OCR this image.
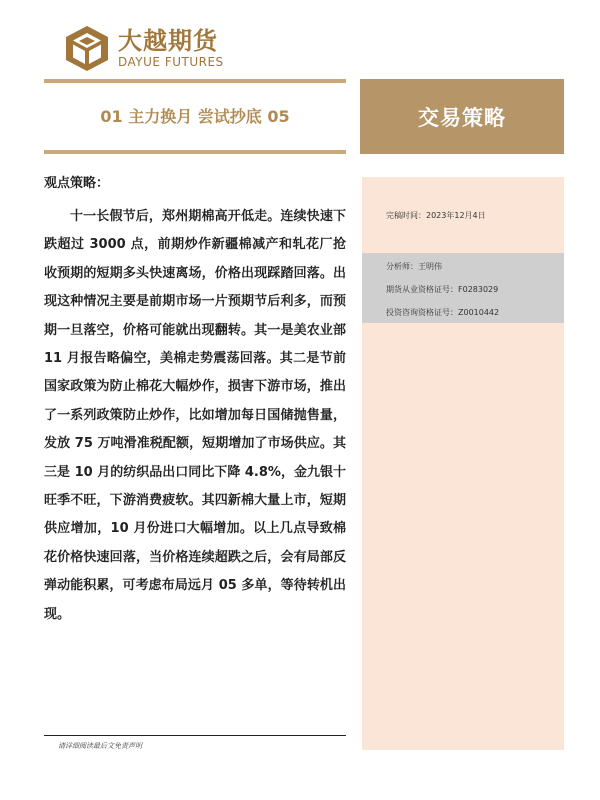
大越期货
DAYUE FUTURES
01 主力换月 尝试抄底 05	交易策略
观点策略：
十一长假节后，郑州期棉高开低走。连续快速下跌超过 3000 点，前期炒作新疆棉减产和轧花厂抢收预期的短期多头快速离场，价格出现踩踏回落。出现这种情况主要是前期市场一片预期节后利多，而预期一旦落空，价格可能就出现翻转。其一是美农业部 11 月报告略偏空，美棉走势震荡回落。其二是节前国家政策为防止棉花大幅炒作，损害下游市场，推出了一系列政策防止炒作，比如增加每日国储抛售量，发放 75 万吨滑准税配额，短期增加了市场供应。其三是 10 月的纺织品出口同比下降 4.8%，金九银十旺季不旺，下游消费疲软。其四新棉大量上市，短期供应增加，10 月份进口大幅增加。以上几点导致棉花价格快速回落，当价格连续超跌之后，会有局部反弹动能积累，可考虑布局远月 05 多单，等待转机出现。
完稿时间：2023年12月4日
分析师：王明伟
期货从业资格证号：F0283029
投资咨询资格证号：Z0010442
请详细阅读最后文免责声明
